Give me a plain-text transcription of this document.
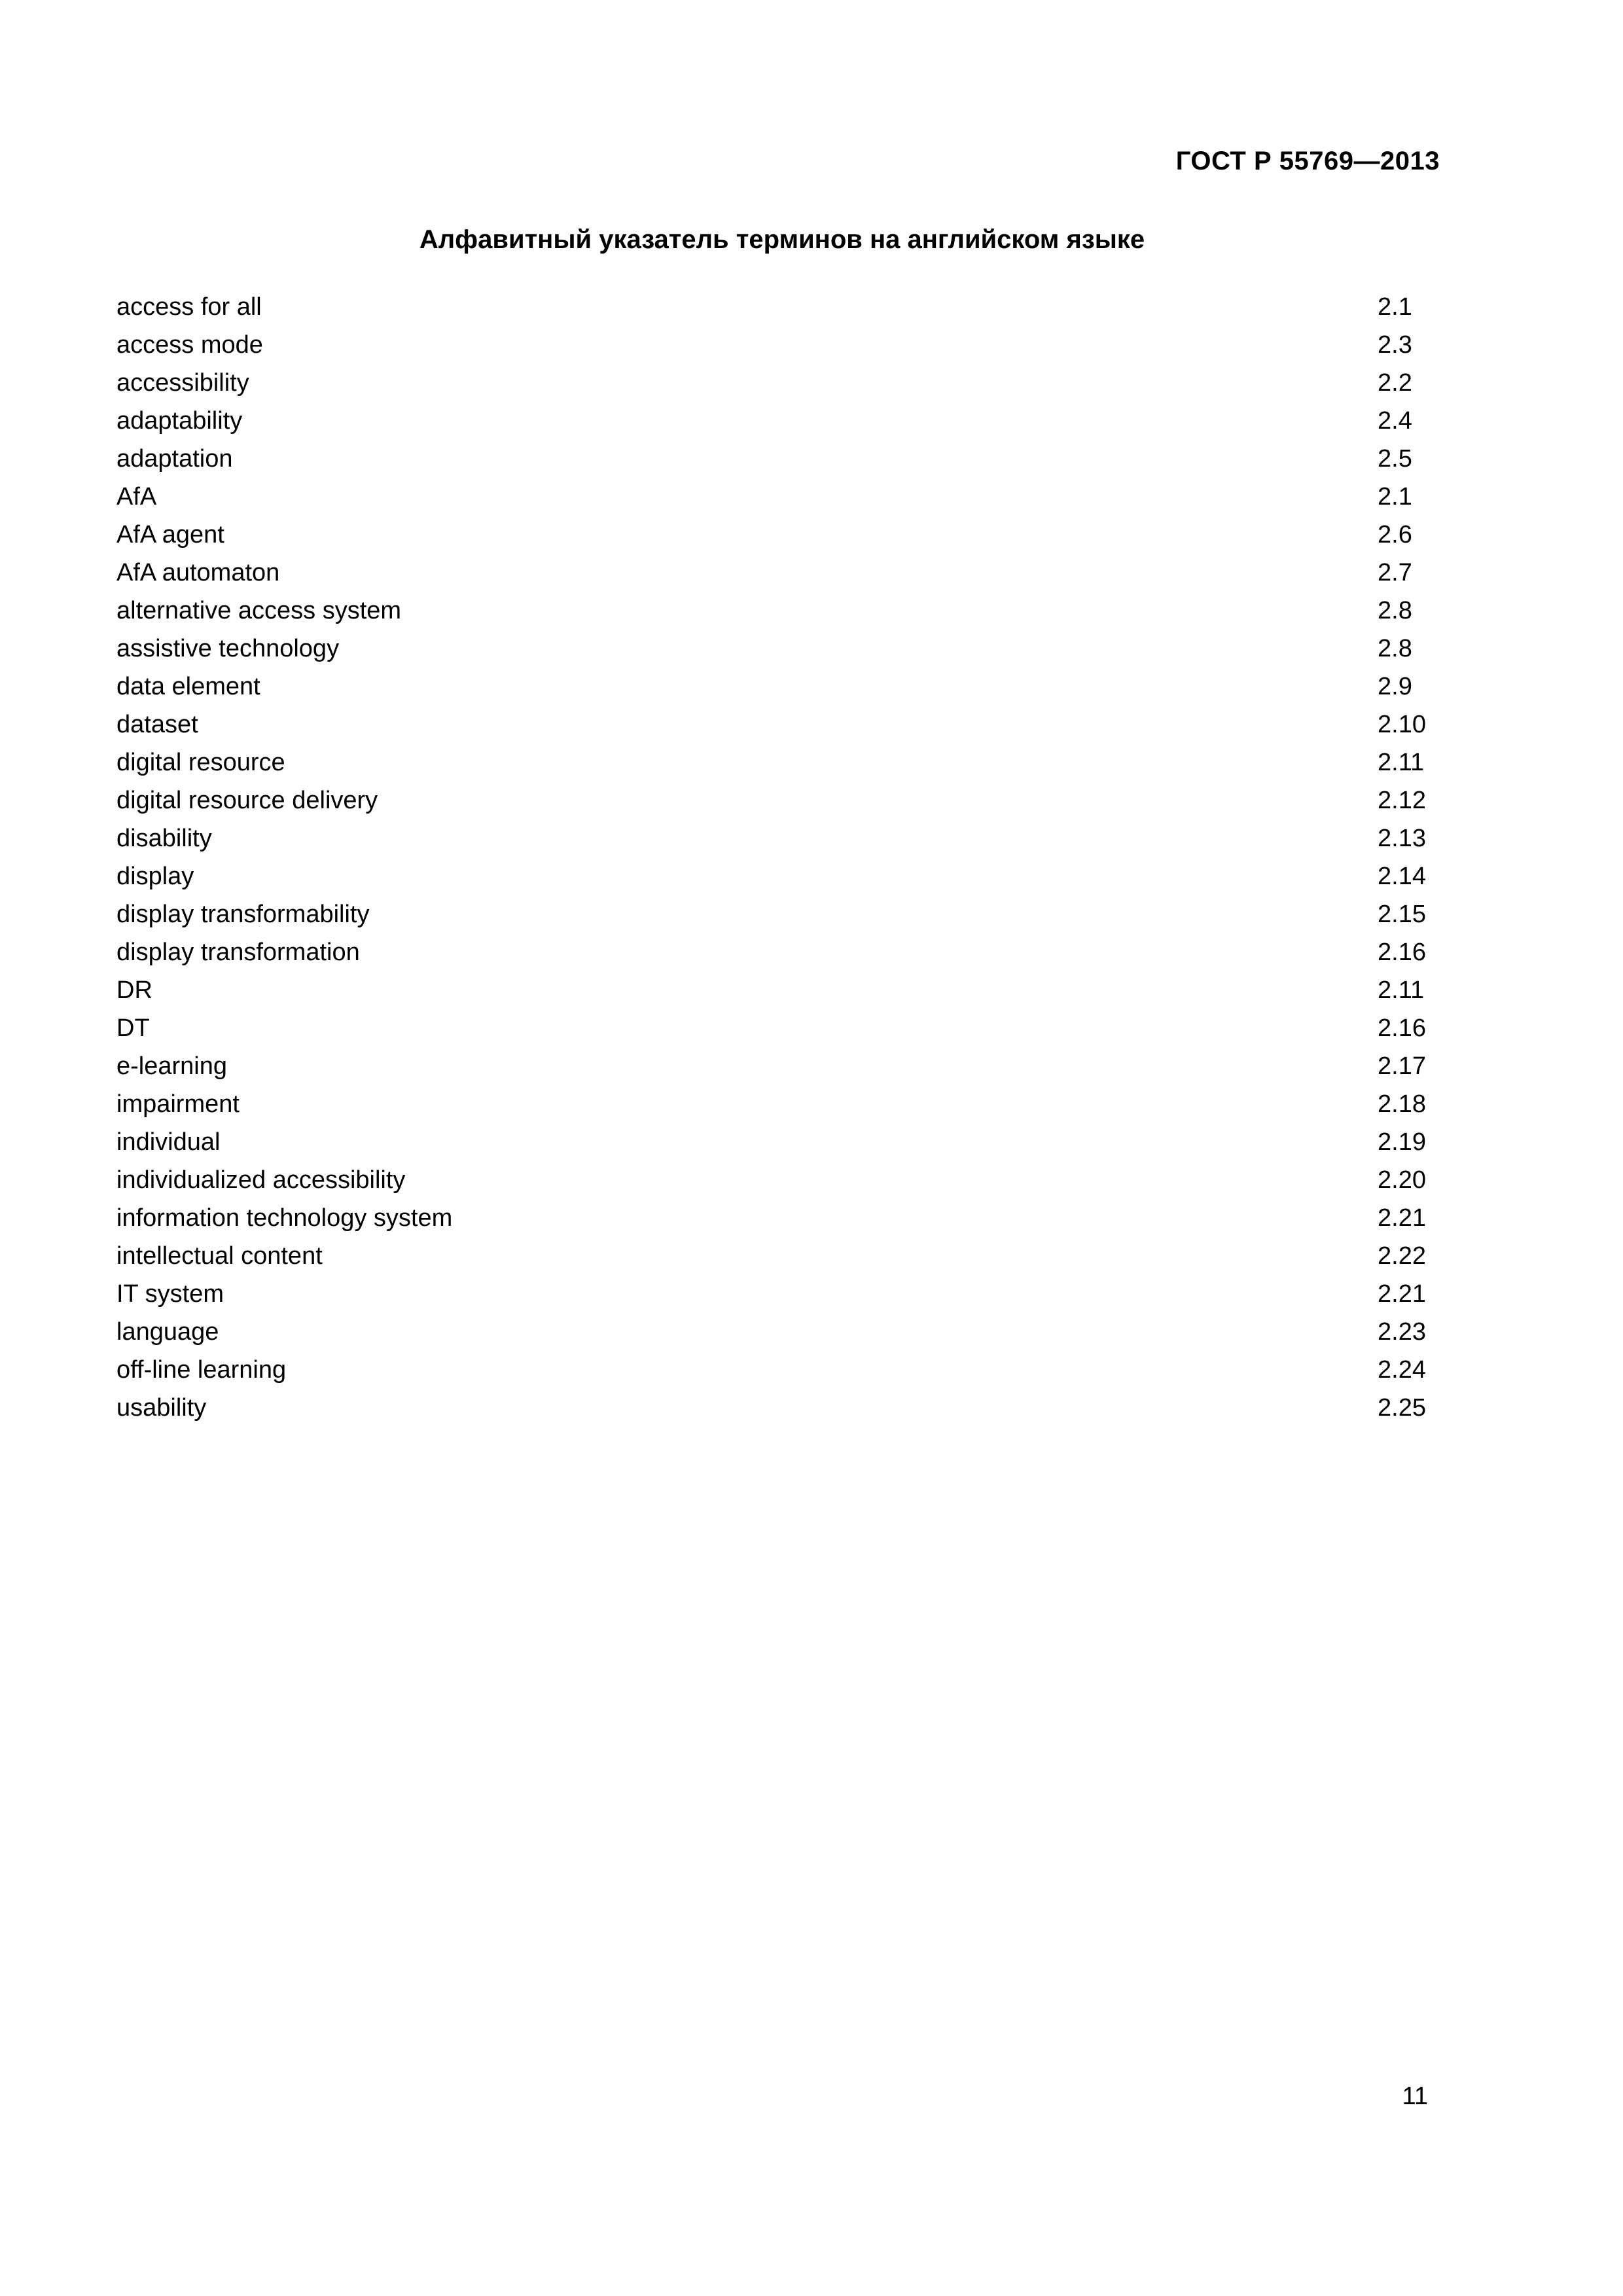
ГОСТ Р 55769—2013
Алфавитный указатель терминов на английском языке
access for all	2.1
access mode	2.3
accessibility	2.2
adaptability	2.4
adaptation	2.5
AfA	2.1
AfA agent	2.6
AfA automaton	2.7
alternative access system	2.8
assistive technology	2.8
data element	2.9
dataset	2.10
digital resource	2.11
digital resource delivery	2.12
disability	2.13
display	2.14
display transformability	2.15
display transformation	2.16
DR	2.11
DT	2.16
e-learning	2.17
impairment	2.18
individual	2.19
individualized accessibility	2.20
information technology system	2.21
intellectual content	2.22
IT system	2.21
language	2.23
off-line learning	2.24
usability	2.25
11
